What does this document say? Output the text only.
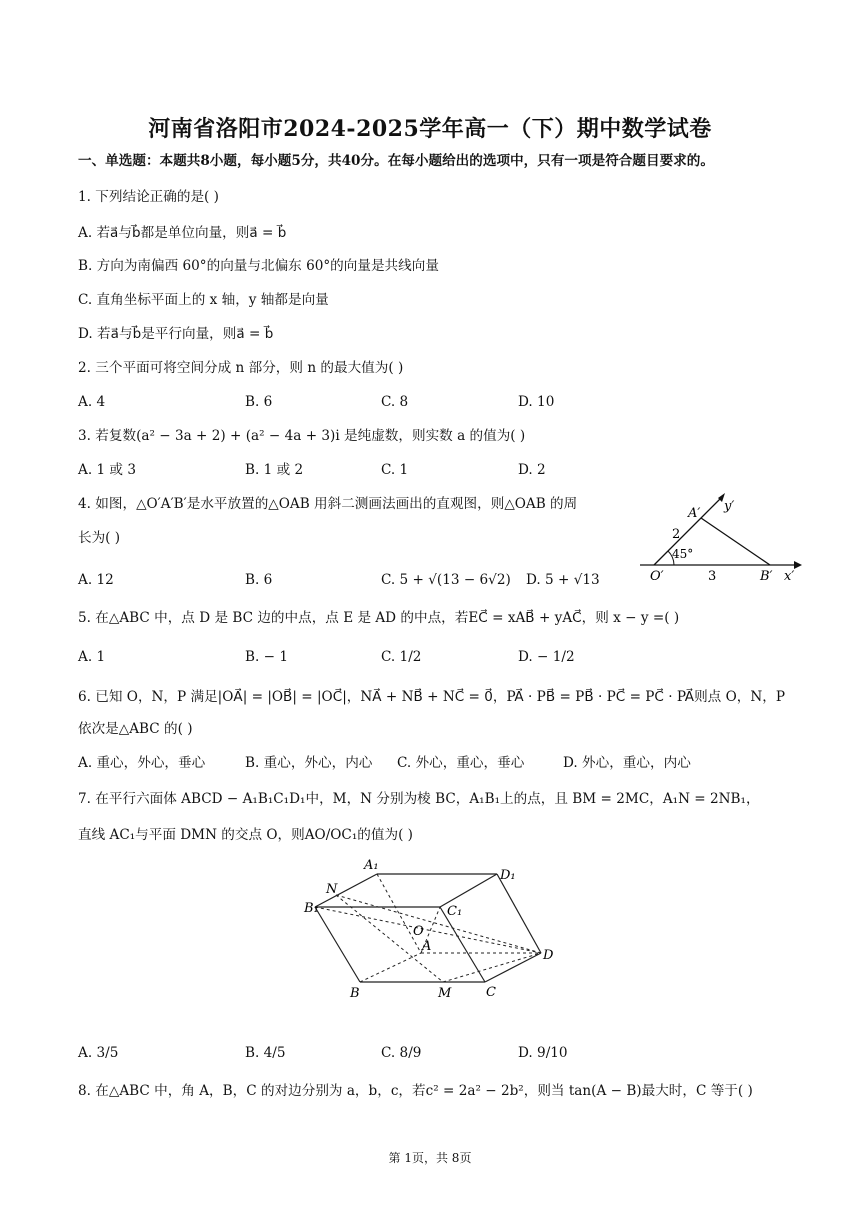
河南省洛阳市2024-2025学年高一（下）期中数学试卷
一、单选题：本题共8小题，每小题5分，共40分。在每小题给出的选项中，只有一项是符合题目要求的。
1. 下列结论正确的是( )
A. 若a⃗与b⃗都是单位向量，则a⃗ = b⃗
B. 方向为南偏西 60°的向量与北偏东 60°的向量是共线向量
C. 直角坐标平面上的 x 轴，y 轴都是向量
D. 若a⃗与b⃗是平行向量，则a⃗ = b⃗
2. 三个平面可将空间分成 n 部分，则 n 的最大值为( )
A. 4	B. 6	C. 8	D. 10
3. 若复数(a² − 3a + 2) + (a² − 4a + 3)i 是纯虚数，则实数 a 的值为( )
A. 1 或 3	B. 1 或 2	C. 1	D. 2
4. 如图，△O′A′B′是水平放置的△OAB 用斜二测画法画出的直观图，则△OAB 的周
长为( )
A. 12	B. 6	C. 5 + √(13 − 6√2) D. 5 + √13
A′ y′
2
45°
O′	3	B′ x′
5. 在△ABC 中，点 D 是 BC 边的中点，点 E 是 AD 的中点，若EC⃗ = xAB⃗ + yAC⃗，则 x − y =( )
A. 1	B. − 1	C. 1/2	D. − 1/2
6. 已知 O，N，P 满足|OA⃗| = |OB⃗| = |OC⃗|，NA⃗ + NB⃗ + NC⃗ = 0⃗，PA⃗ · PB⃗ = PB⃗ · PC⃗ = PC⃗ · PA⃗则点 O，N，P
依次是△ABC 的( )
A. 重心，外心，垂心	B. 重心，外心，内心 C. 外心，重心，垂心	D. 外心，重心，内心
7. 在平行六面体 ABCD − A₁B₁C₁D₁中，M，N 分别为棱 BC，A₁B₁上的点，且 BM = 2MC，A₁N = 2NB₁，
直线 AC₁与平面 DMN 的交点 O，则AO/OC₁的值为( )
A₁
D₁
N
B₁	C₁
O
A
D
B	M	C
A. 3/5	B. 4/5	C. 8/9	D. 9/10
8. 在△ABC 中，角 A，B，C 的对边分别为 a，b，c，若c² = 2a² − 2b²，则当 tan(A − B)最大时，C 等于( )
第 1页，共 8页
